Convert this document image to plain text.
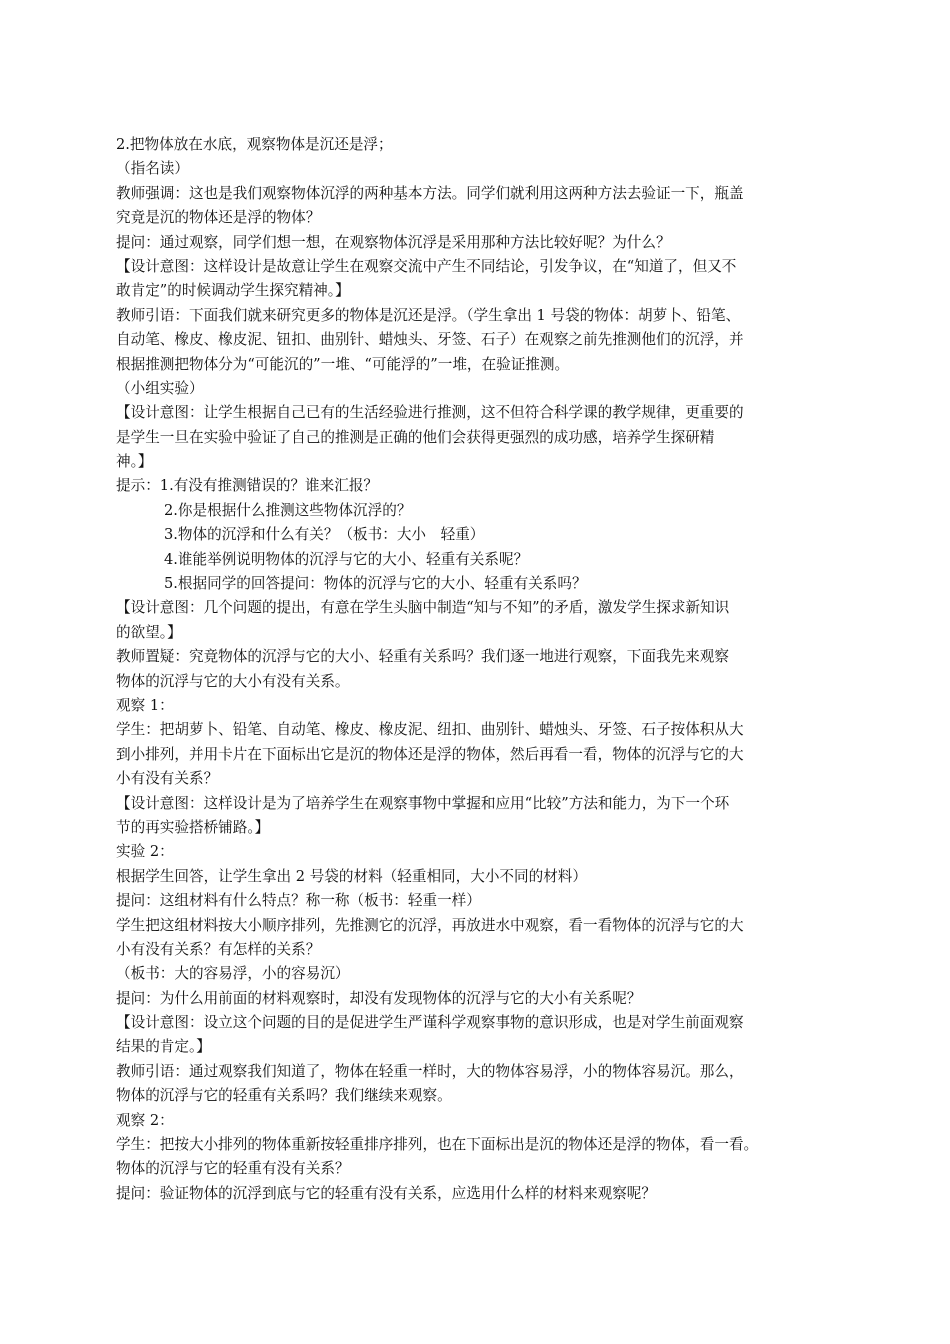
2.把物体放在水底，观察物体是沉还是浮；
（指名读）
教师强调：这也是我们观察物体沉浮的两种基本方法。同学们就利用这两种方法去验证一下，瓶盖
究竟是沉的物体还是浮的物体？
提问：通过观察，同学们想一想，在观察物体沉浮是采用那种方法比较好呢？为什么？
【设计意图：这样设计是故意让学生在观察交流中产生不同结论，引发争议，在“知道了，但又不
敢肯定”的时候调动学生探究精神。】
教师引语：下面我们就来研究更多的物体是沉还是浮。（学生拿出 1 号袋的物体：胡萝卜、铅笔、
自动笔、橡皮、橡皮泥、钮扣、曲别针、蜡烛头、牙签、石子）在观察之前先推测他们的沉浮，并
根据推测把物体分为“可能沉的”一堆、“可能浮的”一堆，在验证推测。
（小组实验）
【设计意图：让学生根据自己已有的生活经验进行推测，这不但符合科学课的教学规律，更重要的
是学生一旦在实验中验证了自己的推测是正确的他们会获得更强烈的成功感，培养学生探研精
神。】
提示：1.有没有推测错误的？谁来汇报？
2.你是根据什么推测这些物体沉浮的？
3.物体的沉浮和什么有关？（板书：大小　轻重）
4.谁能举例说明物体的沉浮与它的大小、轻重有关系呢？
5.根据同学的回答提问：物体的沉浮与它的大小、轻重有关系吗？
【设计意图：几个问题的提出，有意在学生头脑中制造“知与不知”的矛盾，激发学生探求新知识
的欲望。】
教师置疑：究竟物体的沉浮与它的大小、轻重有关系吗？我们逐一地进行观察，下面我先来观察
物体的沉浮与它的大小有没有关系。
观察 1：
学生：把胡萝卜、铅笔、自动笔、橡皮、橡皮泥、纽扣、曲别针、蜡烛头、牙签、石子按体积从大
到小排列，并用卡片在下面标出它是沉的物体还是浮的物体，然后再看一看，物体的沉浮与它的大
小有没有关系？
【设计意图：这样设计是为了培养学生在观察事物中掌握和应用“比较”方法和能力，为下一个环
节的再实验搭桥铺路。】
实验 2：
根据学生回答，让学生拿出 2 号袋的材料（轻重相同，大小不同的材料）
提问：这组材料有什么特点？称一称（板书：轻重一样）
学生把这组材料按大小顺序排列，先推测它的沉浮，再放进水中观察，看一看物体的沉浮与它的大
小有没有关系？有怎样的关系？
（板书：大的容易浮，小的容易沉）
提问：为什么用前面的材料观察时，却没有发现物体的沉浮与它的大小有关系呢？
【设计意图：设立这个问题的目的是促进学生严谨科学观察事物的意识形成，也是对学生前面观察
结果的肯定。】
教师引语：通过观察我们知道了，物体在轻重一样时，大的物体容易浮，小的物体容易沉。那么，
物体的沉浮与它的轻重有关系吗？我们继续来观察。
观察 2：
学生：把按大小排列的物体重新按轻重排序排列，也在下面标出是沉的物体还是浮的物体，看一看。
物体的沉浮与它的轻重有没有关系？
提问：验证物体的沉浮到底与它的轻重有没有关系，应选用什么样的材料来观察呢？
